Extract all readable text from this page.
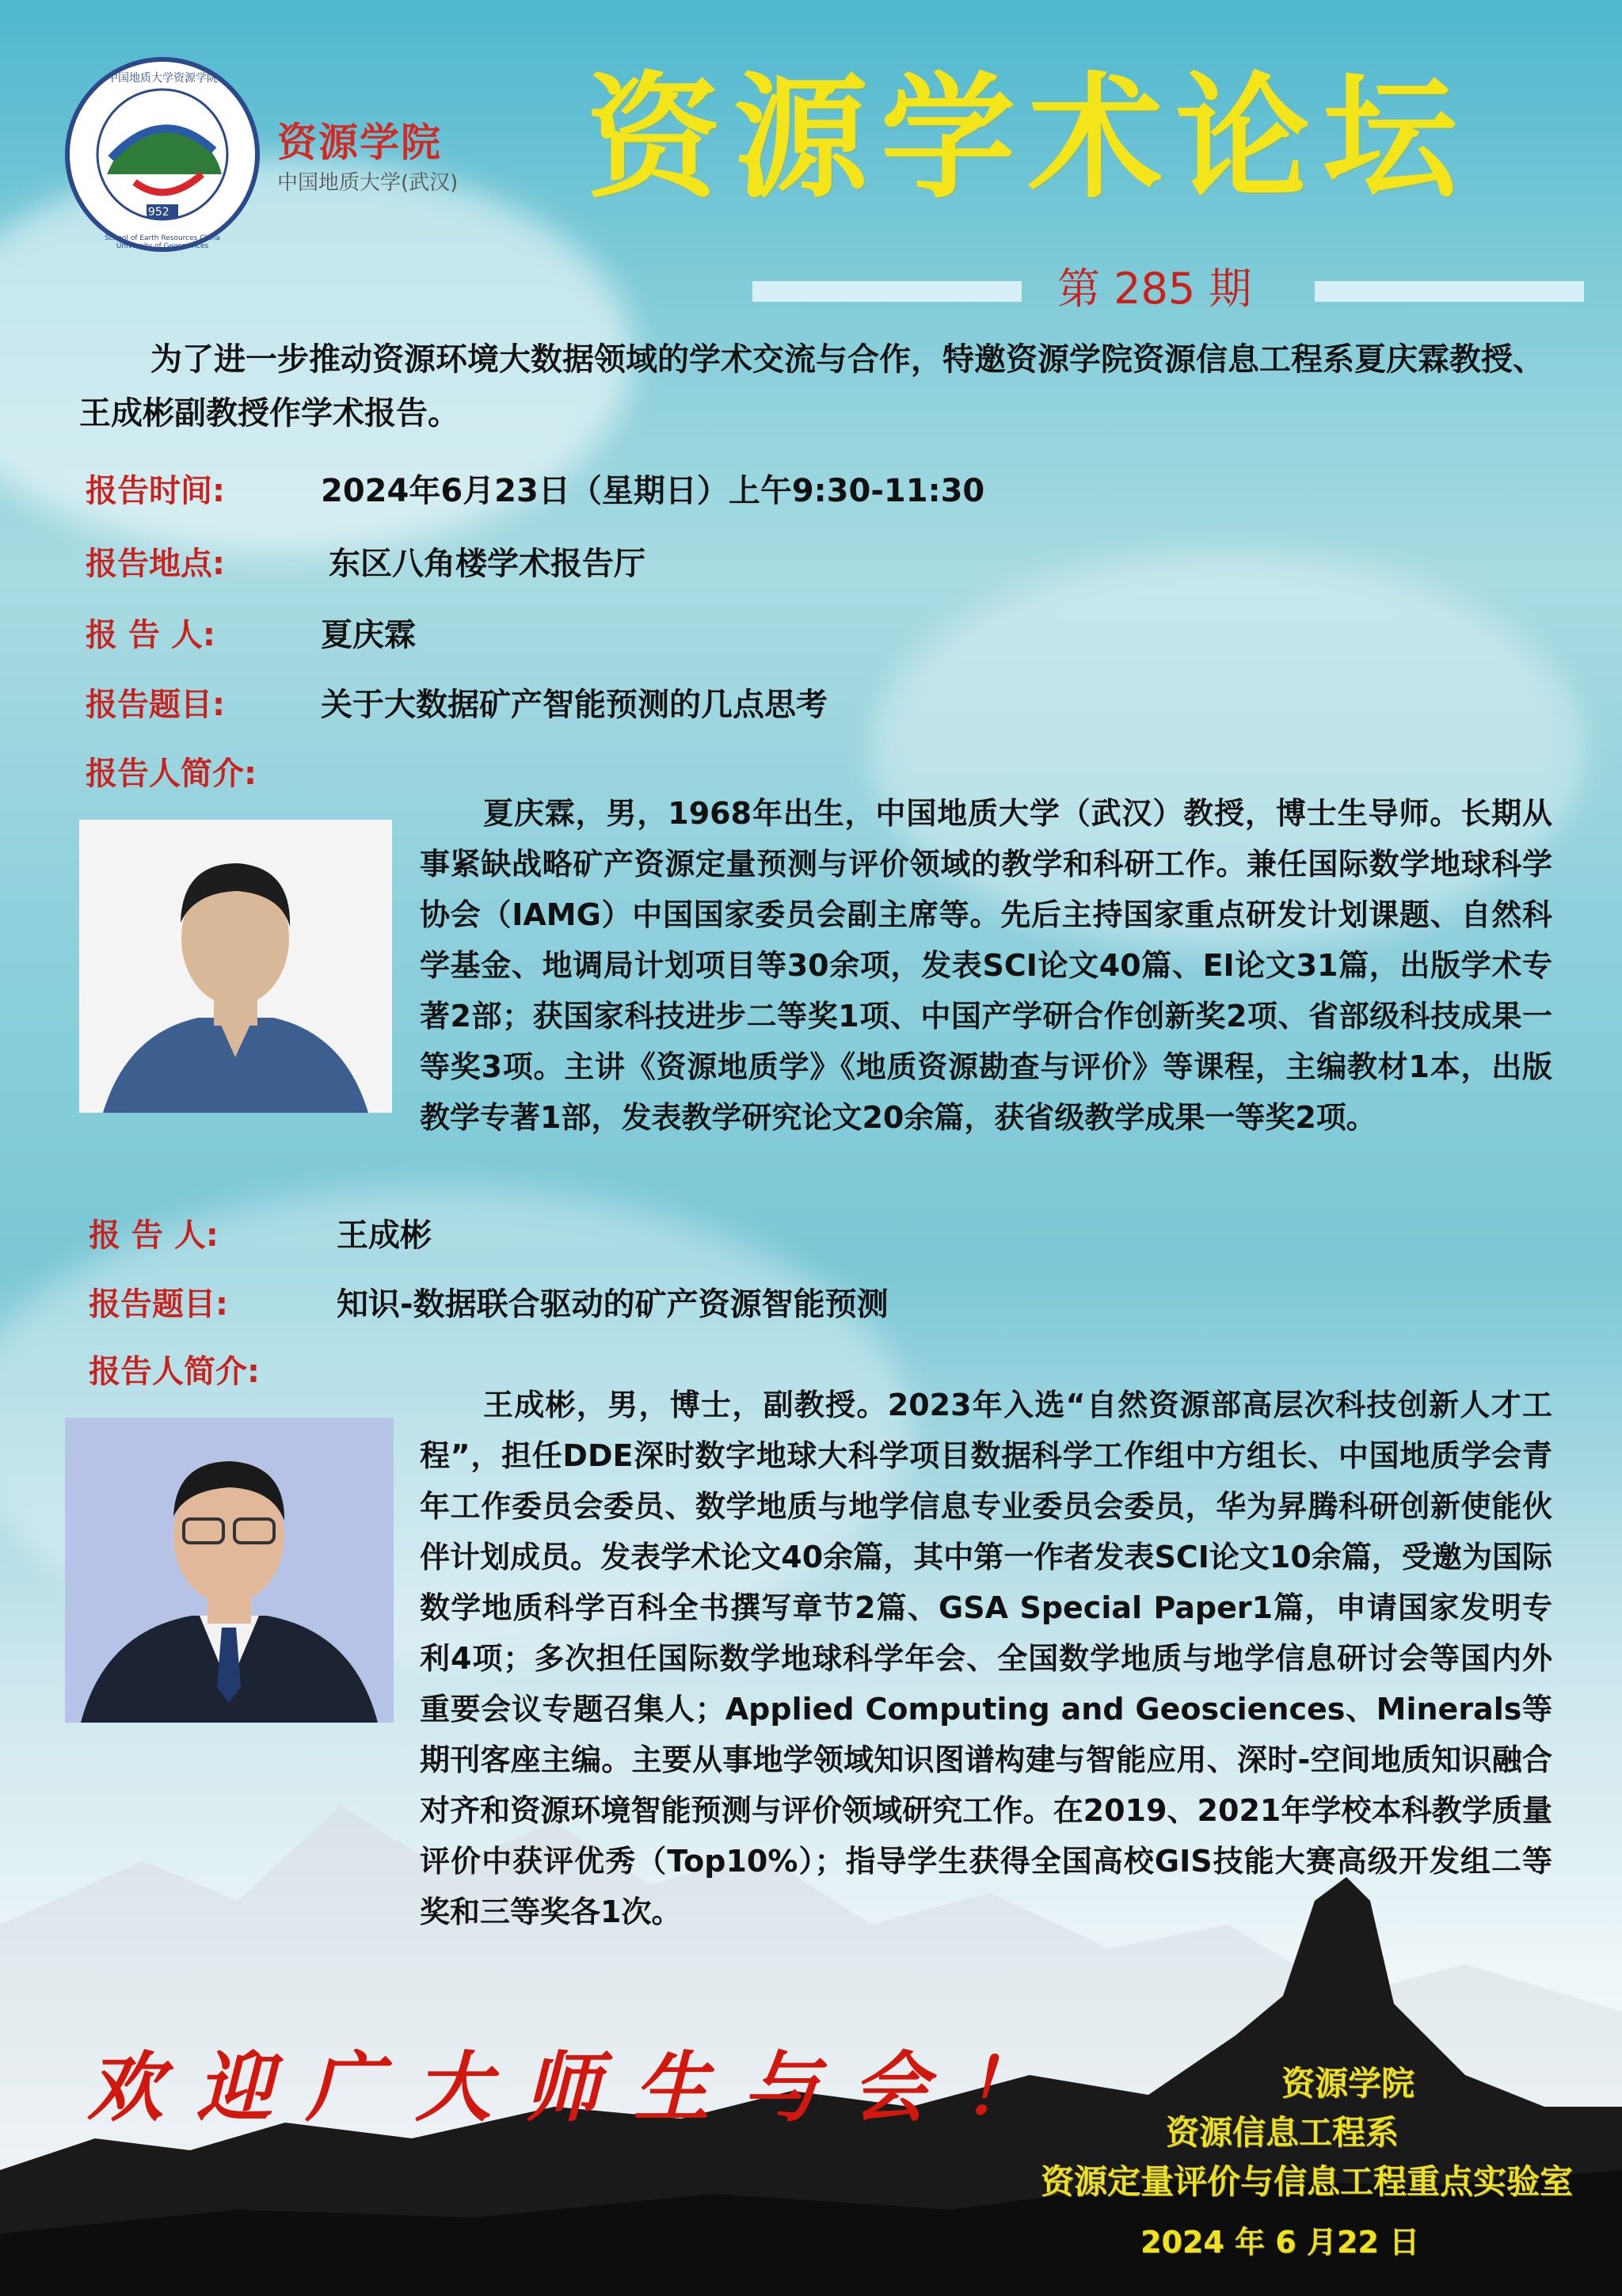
1952
中国地质大学资源学院
School of Earth Resources China University of Geosciences
资源学院
中国地质大学(武汉) 资源学术论坛
第 285 期
为了进一步推动资源环境大数据领域的学术交流与合作，特邀资源学院资源信息工程系夏庆霖教授、王成彬副教授作学术报告。
报告时间:	2024年6月23日（星期日）上午9:30-11:30
报告地点:	东区八角楼学术报告厅
报 告 人:	夏庆霖
报告题目:	关于大数据矿产智能预测的几点思考
报告人简介:
夏庆霖，男，1968年出生，中国地质大学（武汉）教授，博士生导师。长期从事紧缺战略矿产资源定量预测与评价领域的教学和科研工作。兼任国际数学地球科学协会（IAMG）中国国家委员会副主席等。先后主持国家重点研发计划课题、自然科学基金、地调局计划项目等30余项，发表SCI论文40篇、EI论文31篇，出版学术专著2部；获国家科技进步二等奖1项、中国产学研合作创新奖2项、省部级科技成果一等奖3项。主讲《资源地质学》《地质资源勘查与评价》等课程，主编教材1本，出版教学专著1部，发表教学研究论文20余篇，获省级教学成果一等奖2项。
报 告 人:	王成彬
报告题目:	知识-数据联合驱动的矿产资源智能预测
报告人简介:
王成彬，男，博士，副教授。2023年入选“自然资源部高层次科技创新人才工程”，担任DDE深时数字地球大科学项目数据科学工作组中方组长、中国地质学会青年工作委员会委员、数学地质与地学信息专业委员会委员，华为昇腾科研创新使能伙伴计划成员。发表学术论文40余篇，其中第一作者发表SCI论文10余篇，受邀为国际数学地质科学百科全书撰写章节2篇、GSA Special Paper1篇，申请国家发明专利4项；多次担任国际数学地球科学年会、全国数学地质与地学信息研讨会等国内外重要会议专题召集人；Applied Computing and Geosciences、Minerals等期刊客座主编。主要从事地学领域知识图谱构建与智能应用、深时-空间地质知识融合对齐和资源环境智能预测与评价领域研究工作。在2019、2021年学校本科教学质量评价中获评优秀（Top10%）；指导学生获得全国高校GIS技能大赛高级开发组二等奖和三等奖各1次。
欢迎广大师生与会！	资源学院
资源信息工程系
资源定量评价与信息工程重点实验室
2024 年 6 月22 日
